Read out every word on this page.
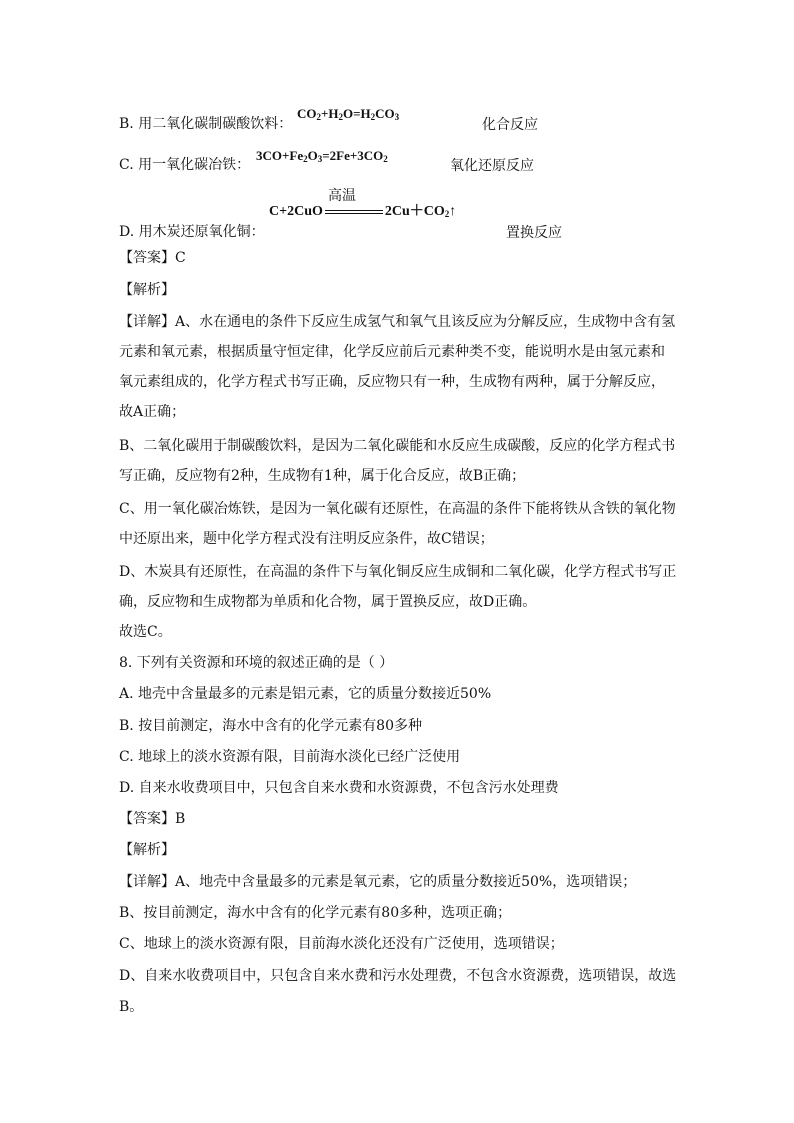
B. 用二氧化碳制碳酸饮料：
$CO_2+H_2O=H_2CO_3$	化合反应
C. 用一氧化碳冶铁：
$3CO+Fe_2O_3=2Fe+3CO_2$	氧化还原反应
高温
C+2CuO	$2Cu+CO_2↑$
D. 用木炭还原氧化铜：	置换反应
【答案】C
【解析】
【详解】A、水在通电的条件下反应生成氢气和氧气且该反应为分解反应，生成物中含有氢
元素和氧元素，根据质量守恒定律，化学反应前后元素种类不变，能说明水是由氢元素和
氧元素组成的，化学方程式书写正确，反应物只有一种，生成物有两种，属于分解反应，
故A正确；
B、二氧化碳用于制碳酸饮料，是因为二氧化碳能和水反应生成碳酸，反应的化学方程式书
写正确，反应物有2种，生成物有1种，属于化合反应，故B正确；
C、用一氧化碳冶炼铁，是因为一氧化碳有还原性，在高温的条件下能将铁从含铁的氧化物
中还原出来，题中化学方程式没有注明反应条件，故C错误；
D、木炭具有还原性，在高温的条件下与氧化铜反应生成铜和二氧化碳，化学方程式书写正
确，反应物和生成物都为单质和化合物，属于置换反应，故D正确。
故选C。
8. 下列有关资源和环境的叙述正确的是（ ）
A. 地壳中含量最多的元素是铝元素，它的质量分数接近50%
B. 按目前测定，海水中含有的化学元素有80多种
C. 地球上的淡水资源有限，目前海水淡化已经广泛使用
D. 自来水收费项目中，只包含自来水费和水资源费，不包含污水处理费
【答案】B
【解析】
【详解】A、地壳中含量最多的元素是氧元素，它的质量分数接近50%，选项错误；
B、按目前测定，海水中含有的化学元素有80多种，选项正确；
C、地球上的淡水资源有限，目前海水淡化还没有广泛使用，选项错误；
D、自来水收费项目中，只包含自来水费和污水处理费，不包含水资源费，选项错误，故选
B。
